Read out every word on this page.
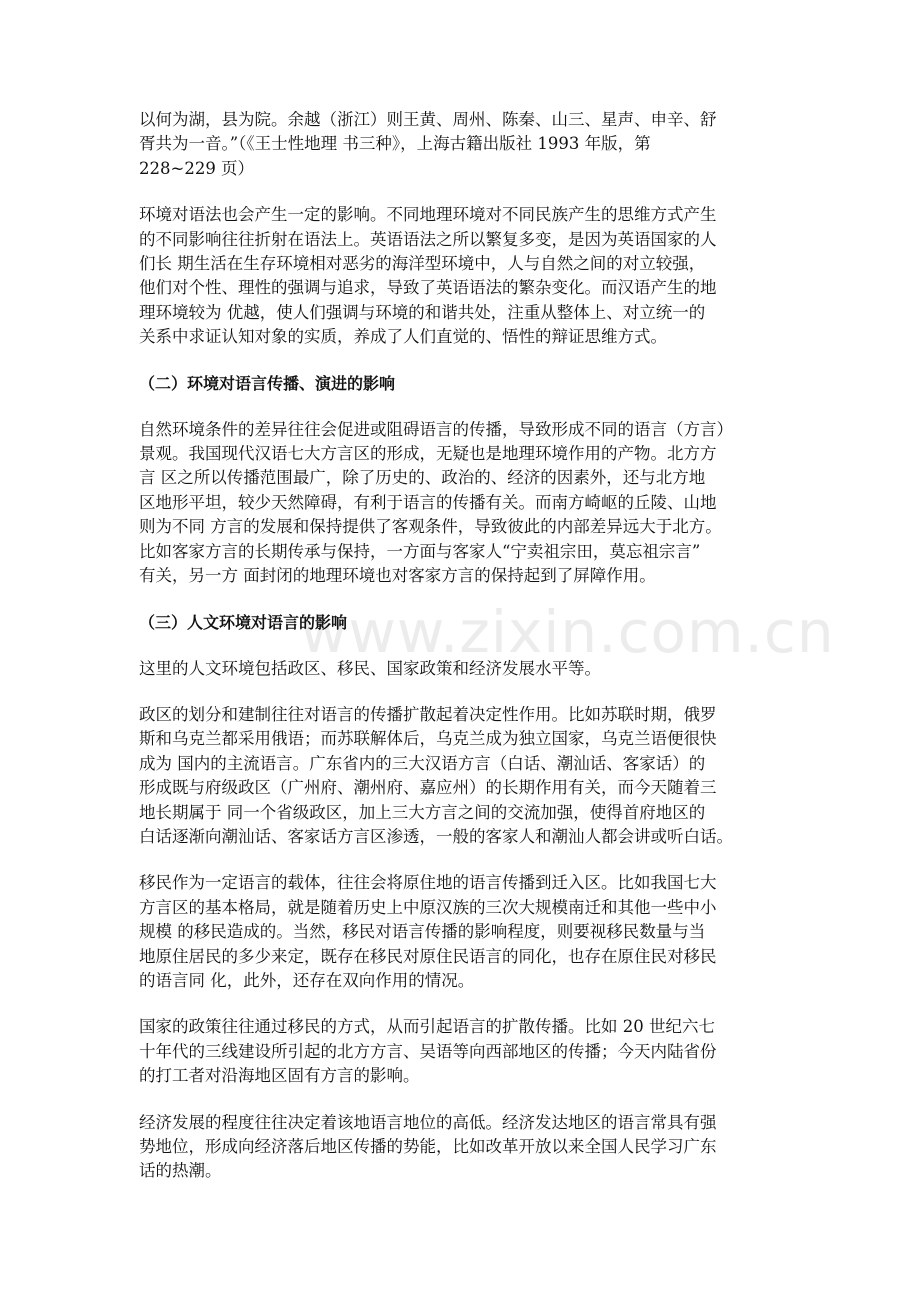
www.zixin.com.cn
以何为湖，县为院。余越（浙江）则王黄、周州、陈秦、山三、星声、申辛、舒
胥共为一音。”（《王士性地理 书三种》，上海古籍出版社 1993 年版，第
228~229 页）
环境对语法也会产生一定的影响。不同地理环境对不同民族产生的思维方式产生
的不同影响往往折射在语法上。英语语法之所以繁复多变，是因为英语国家的人
们长 期生活在生存环境相对恶劣的海洋型环境中，人与自然之间的对立较强，
他们对个性、理性的强调与追求，导致了英语语法的繁杂变化。而汉语产生的地
理环境较为 优越，使人们强调与环境的和谐共处，注重从整体上、对立统一的
关系中求证认知对象的实质，养成了人们直觉的、悟性的辩证思维方式。
（二）环境对语言传播、演进的影响
自然环境条件的差异往往会促进或阻碍语言的传播，导致形成不同的语言（方言）
景观。我国现代汉语七大方言区的形成，无疑也是地理环境作用的产物。北方方
言 区之所以传播范围最广，除了历史的、政治的、经济的因素外，还与北方地
区地形平坦，较少天然障碍，有利于语言的传播有关。而南方崎岖的丘陵、山地
则为不同 方言的发展和保持提供了客观条件，导致彼此的内部差异远大于北方。
比如客家方言的长期传承与保持，一方面与客家人“宁卖祖宗田，莫忘祖宗言”
有关，另一方 面封闭的地理环境也对客家方言的保持起到了屏障作用。
（三）人文环境对语言的影响
这里的人文环境包括政区、移民、国家政策和经济发展水平等。
政区的划分和建制往往对语言的传播扩散起着决定性作用。比如苏联时期，俄罗
斯和乌克兰都采用俄语；而苏联解体后，乌克兰成为独立国家，乌克兰语便很快
成为 国内的主流语言。广东省内的三大汉语方言（白话、潮汕话、客家话）的
形成既与府级政区（广州府、潮州府、嘉应州）的长期作用有关，而今天随着三
地长期属于 同一个省级政区，加上三大方言之间的交流加强，使得首府地区的
白话逐渐向潮汕话、客家话方言区渗透，一般的客家人和潮汕人都会讲或听白话。
移民作为一定语言的载体，往往会将原住地的语言传播到迁入区。比如我国七大
方言区的基本格局，就是随着历史上中原汉族的三次大规模南迁和其他一些中小
规模 的移民造成的。当然，移民对语言传播的影响程度，则要视移民数量与当
地原住居民的多少来定，既存在移民对原住民语言的同化，也存在原住民对移民
的语言同 化，此外，还存在双向作用的情况。
国家的政策往往通过移民的方式，从而引起语言的扩散传播。比如 20 世纪六七
十年代的三线建设所引起的北方方言、吴语等向西部地区的传播；今天内陆省份
的打工者对沿海地区固有方言的影响。
经济发展的程度往往决定着该地语言地位的高低。经济发达地区的语言常具有强
势地位，形成向经济落后地区传播的势能，比如改革开放以来全国人民学习广东
话的热潮。
